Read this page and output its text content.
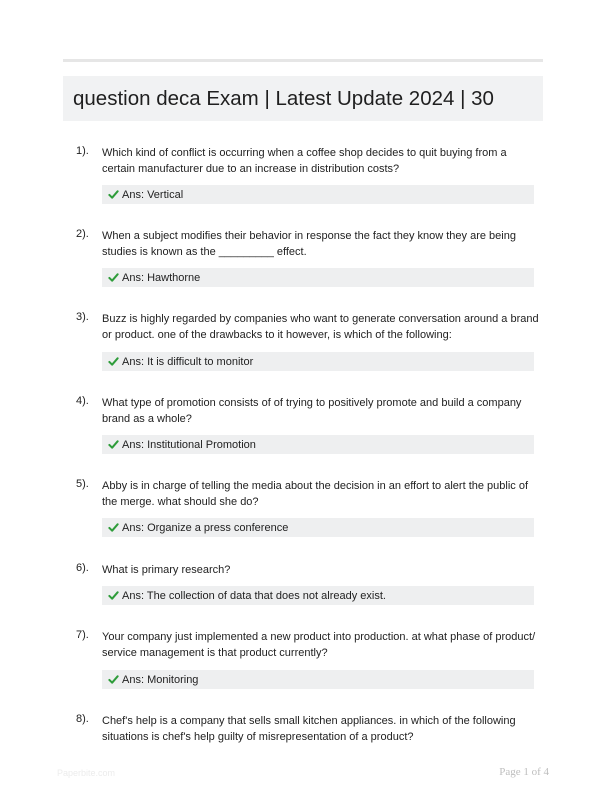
question deca Exam | Latest Update 2024 | 30
1). Which kind of conflict is occurring when a coffee shop decides to quit buying from a certain manufacturer due to an increase in distribution costs?
Ans: Vertical
2). When a subject modifies their behavior in response the fact they know they are being studies is known as the _________ effect.
Ans: Hawthorne
3). Buzz is highly regarded by companies who want to generate conversation around a brand or product. one of the drawbacks to it however, is which of the following:
Ans: It is difficult to monitor
4). What type of promotion consists of of trying to positively promote and build a company brand as a whole?
Ans: Institutional Promotion
5). Abby is in charge of telling the media about the decision in an effort to alert the public of the merge. what should she do?
Ans: Organize a press conference
6). What is primary research?
Ans: The collection of data that does not already exist.
7). Your company just implemented a new product into production. at what phase of product/ service management is that product currently?
Ans: Monitoring
8). Chef's help is a company that sells small kitchen appliances. in which of the following situations is chef's help guilty of misrepresentation of a product?
Paperbite.com	Page 1 of 4
